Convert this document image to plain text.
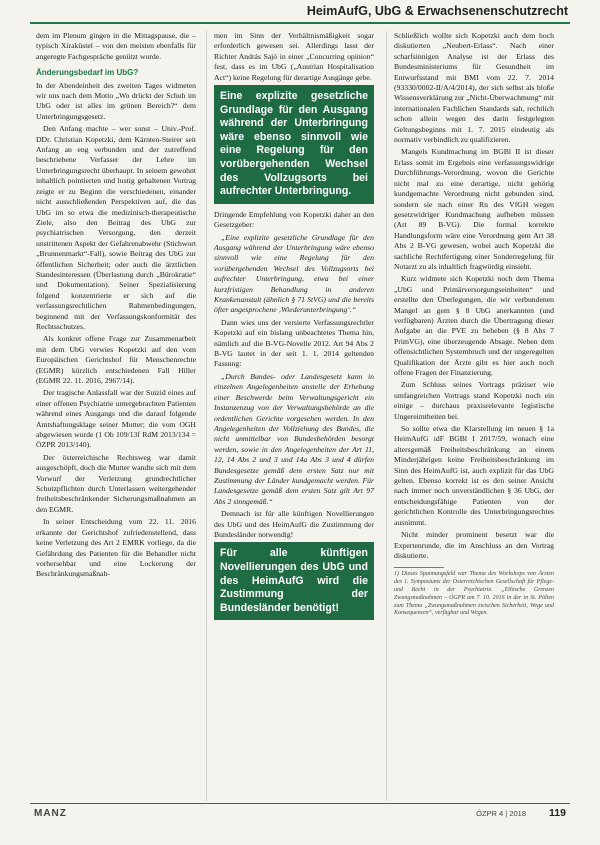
HeimAufG, UbG & Erwachsenenschutzrecht

dem im Plenum gingen in die Mittagspause, die – typisch Xiraküstel – von den meisten ebenfalls für angeregte Fachgespräche genützt wurde.

Änderungsbedarf im UbG?

In der Abendeinheit des zweiten Tages widmeten wir uns nach dem Motto „Wo drückt der Schuh im UbG oder ist alles im grünen Bereich?“ dem Unterbringungsgesetz.

Den Anfang machte – wer sonst – Univ.-Prof. DDr. Christian Kopetzki, dem Kärnten-Steirer seit Anfang an eng verbunden und der zutreffend beschriebene Verfasser der Lehre im Unterbringungsrecht überhaupt. In seinem gewohnt inhaltlich pointierten und lustig gehaltenen Vortrag zeigte er zu Beginn die verschiedenen, einander nicht ausschließenden Perspektiven auf, die das UbG im so etwa die medizinisch-therapeutische Ziele, also den Beitrag des UbG zur psychiatrischen Versorgung, den derzeit unstrittenen Aspekt der Gefahrenabwehr (Stichwort „Brunnenmarkt“-Fall), sowie Beitrag des UbG zur öffentlichen Sicherheit; oder auch die ärztlichen Standesinteressen (Überlastung durch „Bürokratie“ und Dokumentation). Seiner Spezialisierung folgend konzentrierte er sich auf die verfassungsrechtlichen Rahmenbedingungen, beginnend mit der Verfassungskonformität des Rechtsschutzes.

Als konkret offene Frage zur Zusammenarbeit mit dem UbG verwies Kopetzki auf den vom Europäischen Gerichtshof für Menschenrechte (EGMR) kürzlich entschiedenen Fall Hiller (EGMR 22. 11. 2016, 2967/14).

Der tragische Anlassfall war der Suizid eines auf einer offenen Psychiatrie untergebrachten Patienten während eines Ausgangs und die darauf folgende Amtshaftungsklage seiner Mutter; die vom OGH abgewiesen wurde (1 Ob 109/13f RdM 2013/134 = ÖZPR 2013/140).

Der österreichische Rechtsweg war damit ausgeschöpft, doch die Mutter wandte sich mit dem Vorwurf der Verletzung grundrechtlicher Schutzpflichten durch Unterlassen weitergehender freiheitsbeschränkender Sicherungsmaßnahmen an den EGMR.

In seiner Entscheidung vom 22. 11. 2016 erkannte der Gerichtshof zufriedenstellend, dass keine Verletzung des Art 2 EMRK vorliege, da die Gefährdung des Patienten für die Behandler nicht vorhersehbar und eine Lockerung der Beschränkungsmaßnah-

men im Sinn der Verhältnismäßigkeit sogar erforderlich gewesen sei. Allerdings lasst der Richter András Sajó in einer „Concurring opinion“ fest, dass es im UbG („Austrian Hospitalisation Act“) keine Regelung für derartige Ausgänge gebe.

Eine explizite gesetzliche Grundlage für den Ausgang während der Unterbringung wäre ebenso sinnvoll wie eine Regelung für den vorübergehenden Wechsel des Vollzugsorts bei aufrechter Unterbringung.

Dringende Empfehlung von Kopetzki daher an den Gesetzgeber:

„Eine explizite gesetzliche Grundlage für den Ausgang während der Unterbringung wäre ebenso sinnvoll wie eine Regelung für den vorübergehenden Wechsel des Vollzugsorts bei aufrechter Unterbringung, etwa bei einer kurzfristigen Behandlung in anderen Krankenanstalt (ähnlich § 71 StVG) und die bereits öfter angesprochene ‚Wiederunterbringung‘.“

Dann wies uns der versierte Verfassungsrechtler Kopetzki auf ein bislang unbeachtetes Thema hin, nämlich auf die B-VG-Novelle 2012. Art 94 Abs 2 B-VG lautet in der seit 1. 1. 2014 geltenden Fassung:

„Durch Bundes- oder Landesgesetz kann in einzelnen Angelegenheiten anstelle der Erhebung einer Beschwerde beim Verwaltungsgericht ein Instanzenzug von der Verwaltungsbehörde an die ordentlichen Gerichte vorgesehen werden. In den Angelegenheiten der Vollziehung des Bundes, die nicht unmittelbar von Bundesbehörden besorgt werden, sowie in den Angelegenheiten der Art 11, 12, 14 Abs 2 und 3 und 14a Abs 3 und 4 dürfen Bundesgesetze gemäß dem ersten Satz nur mit Zustimmung der Länder kundgemacht werden. Für Landesgesetze gemäß dem ersten Satz gilt Art 97 Abs 2 sinngemäß.“

Demnach ist für alle künftigen Novellierungen des UbG und des HeimAufG die Zustimmung der Bundesländer notwendig!

Für alle künftigen Novellierungen des UbG und des HeimAufG wird die Zustimmung der Bundesländer benötigt!

Schließlich wollte sich Kopetzki auch dem hoch diskutierten „Neubert-Erlass“. Nach einer scharfsinnigen Analyse ist der Erlass des Bundesministeriums für Gesundheit im Entwurfsstand mit BMI vom 22. 7. 2014 (93330/0002-II/A/4/2014), der sich selbst als bloße Wissensverklärung zur „Nicht-Überwachmung“ mit internationalen Fachlichen Standards sah, rechtlich schon allein wegen des darin festgelegten Geltungsbeginns mit 1. 7. 2015 eindeutig als normativ verbindlich zu qualifizieren.

Mangels Kundmachung im BGBl II ist dieser Erlass somit im Ergebnis eine verfassungswidrige Durchführungs-Verordnung, wovon die Gerichte nicht mal zu eine derartige, nicht gehörig kundgemachte Verordnung nicht gebunden sind, sondern sie nach einer Rn des VfGH wegen gesetzwidriger Kundmachung aufheben müssen (Art 89 B-VG). Die formal korrekte Handlungsform wäre eine Verordnung gem Art 38 Abs 2 B-VG gewesen, wobei auch Kopetzki die sachliche Rechtfertigung einer Sonderregelung für Notarzt zu als inhaltlich fragwürdig einsieht.

Kurz widmete sich Kopetzki noch dem Thema „UbG und Primärversorgungseinheiten“ und erstellte den Überlegungen, die wir verbundenen Mangel an gem § 8 UbG anerkannten (und verfügbaren) Ärzten durch die Übertragung dieser Aufgabe an die PVE zu beheben (§ 8 Abs 7 PrimVG), eine überzeugende Absage. Neben dem offensichtlichen Systembruch und der ungeregelten Qualifikation der Ärzte gibt es hier auch noch offene Fragen der Finanzierung.

Zum Schluss seines Vortrags präziser wie umfangreichen Vortrags stand Kopetzki noch ein einige – durchaus praxisrelevante legistische Ungereimtheiten bei.

So sollte etwa die Klarstellung im neuen § 1a HeimAufG idF BGBl I 2017/59, wonach eine altersgemäß Freiheitsbeschränkung an einem Minderjährigen keine Freiheitsbeschränkung im Sinn des HeimAufG ist, auch explizit für das UbG gelten. Ebenso korrekt ist es den seiner Ansicht nach immer noch unverständlichen § 36 UbG, der entscheidungsfähige Patienten von der gerichtlichen Kontrolle des Unterbringungsrechtes ausnimmt.

Nicht minder prominent besetzt war die Expertenrunde, die im Anschluss an den Vortrag diskutierte.

1) Dieses Spannungsfeld war Thema des Workshops von Ärzten des 1. Symposiums der Österreichischen Gesellschaft für Pflege- und Recht in der Psychiatrie. „Ethische Grenzen Zwangsmaßnahmen – ÖGPR am 7. 10. 2016 in der in St. Pölten zum Thema „Zwangsmaßnahmen zwischen Sicherheit, Wege und Konsequenzen“, verfügbar und Wegen.
MANZ	ÖZPR 4 | 2018 119
